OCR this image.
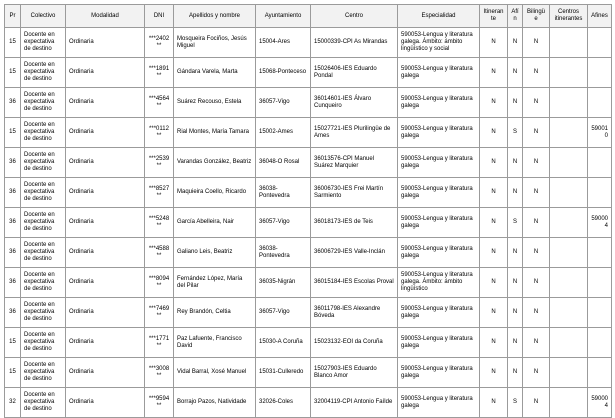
Pr	Colectivo	Modalidad	DNI	Apellidos y nombre	Ayuntamiento	Centro	Especialidad	Itinerante	Afín	Bilingüe	Centros itinerantes	Afines
15	Docente en expectativa de destino	Ordinaria	***2402**	Mosqueira Fociños, Jesús Miguel	15004-Ares	15000339-CPI As Mirandas	590053-Lengua y literatura galega. Ámbito: ámbito lingüístico y social	N	N	N		
15	Docente en expectativa de destino	Ordinaria	***1891**	Gándara Varela, Marta	15068-Ponteceso	15026406-IES Eduardo Pondal	590053-Lengua y literatura galega	N	N	N		
36	Docente en expectativa de destino	Ordinaria	***4564**	Suárez Recouso, Estela	36057-Vigo	36014601-IES Álvaro Cunqueiro	590053-Lengua y literatura galega	N	N	N		
15	Docente en expectativa de destino	Ordinaria	***0112**	Rial Montes, María Tamara	15002-Ames	15027721-IES Plurilingüe de Ames	590053-Lengua y literatura galega	N	S	N		590010
36	Docente en expectativa de destino	Ordinaria	***2539**	Varandas González, Beatriz	36048-O Rosal	36013576-CPI Manuel Suárez Marquier	590053-Lengua y literatura galega	N	N	N		
36	Docente en expectativa de destino	Ordinaria	***8527**	Maquieira Coello, Ricardo	36038-Pontevedra	36006730-IES Frei Martín Sarmiento	590053-Lengua y literatura galega	N	N	N		
36	Docente en expectativa de destino	Ordinaria	***5248**	García Abelleira, Nair	36057-Vigo	36018173-IES de Teis	590053-Lengua y literatura galega	N	S	N		590004
36	Docente en expectativa de destino	Ordinaria	***4588**	Galiano Leis, Beatriz	36038-Pontevedra	36006729-IES Valle-Inclán	590053-Lengua y literatura galega	N	N	N		
36	Docente en expectativa de destino	Ordinaria	***8094**	Fernández López, María del Pilar	36035-Nigrán	36015184-IES Escolas Proval	590053-Lengua y literatura galega. Ámbito: ámbito lingüístico	N	N	N		
36	Docente en expectativa de destino	Ordinaria	***7469**	Rey Brandón, Celtia	36057-Vigo	36011798-IES Alexandre Bóveda	590053-Lengua y literatura galega	N	N	N		
15	Docente en expectativa de destino	Ordinaria	***1771**	Paz Lafuente, Francisco David	15030-A Coruña	15023132-EOI da Coruña	590053-Lengua y literatura galega	N	N	N		
15	Docente en expectativa de destino	Ordinaria	***3008**	Vidal Barral, Xosé Manuel	15031-Culleredo	15027903-IES Eduardo Blanco Amor	590053-Lengua y literatura galega	N	N	N		
32	Docente en expectativa de destino	Ordinaria	***9594**	Borrajo Pazos, Natividade	32026-Coles	32004119-CPI Antonio Faílde	590053-Lengua y literatura galega	N	S	N		590004
